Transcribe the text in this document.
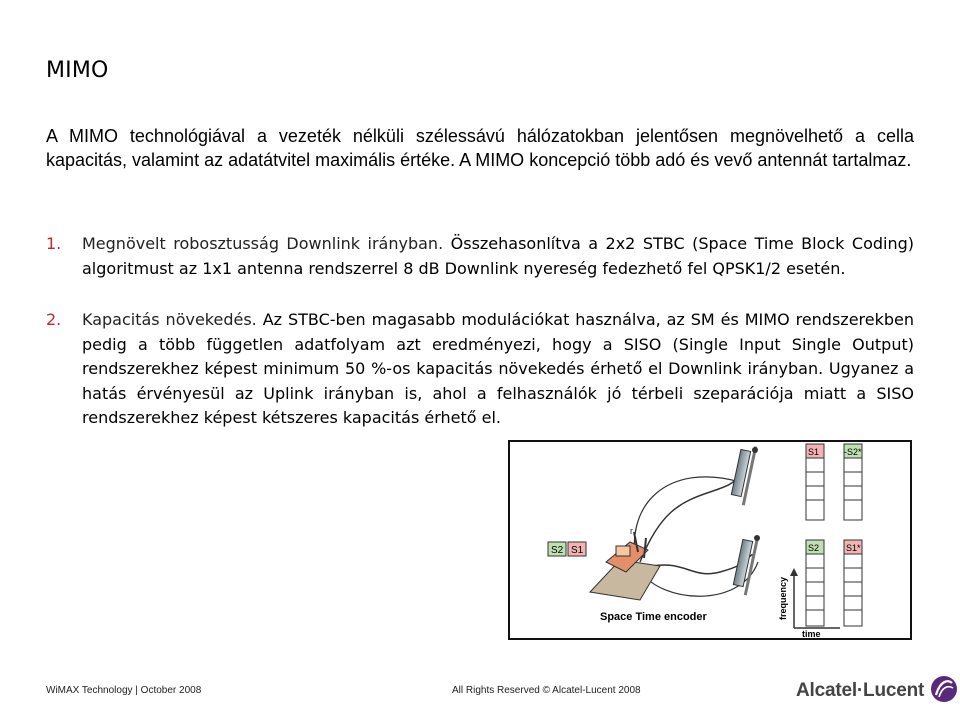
MIMO
A MIMO technológiával a vezeték nélküli szélessávú hálózatokban jelentősen megnövelhető a cella kapacitás, valamint az adatátvitel maximális értéke. A MIMO koncepció több adó és vevő antennát tartalmaz.
1.	Megnövelt robosztusság Downlink irányban. Összehasonlítva a 2x2 STBC (Space Time Block Coding) algoritmust az 1x1 antenna rendszerrel 8 dB Downlink nyereség fedezhető fel QPSK1/2 esetén.
2.	Kapacitás növekedés. Az STBC-ben magasabb modulációkat használva, az SM és MIMO rendszerekben pedig a több független adatfolyam azt eredményezi, hogy a SISO (Single Input Single Output) rendszerekhez képest minimum 50 %-os kapacitás növekedés érhető el Downlink irányban. Ugyanez a hatás érvényesül az Uplink irányban is, ahol a felhasználók jó térbeli szeparációja miatt a SISO rendszerekhez képest kétszeres kapacitás érhető el.
r
S2 S1
Space Time encoder
S1	-S2*
S2	S1*
frequency
time
WiMAX Technology | October 2008	All Rights Reserved © Alcatel-Lucent 2008	Alcatel·Lucent
